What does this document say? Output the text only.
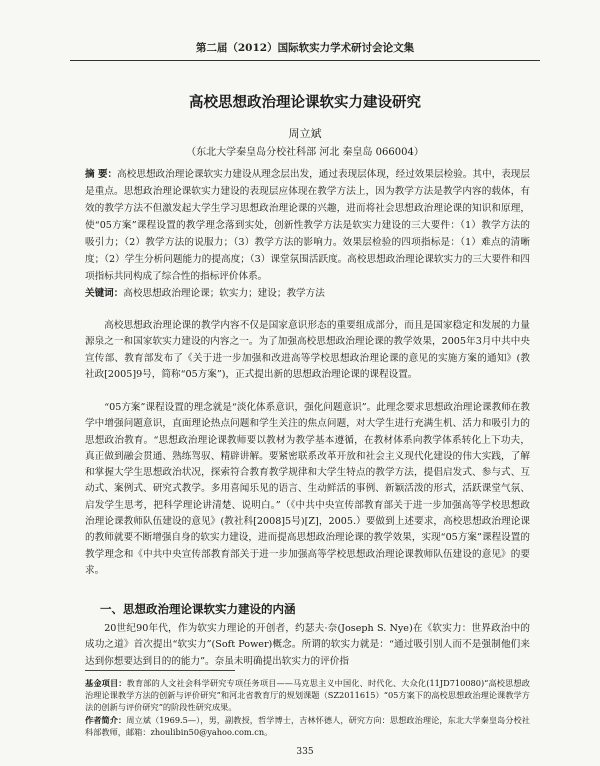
第二届（2012）国际软实力学术研讨会论文集
高校思想政治理论课软实力建设研究
周立斌
（东北大学秦皇岛分校社科部 河北 秦皇岛 066004）
摘 要：高校思想政治理论课软实力建设从理念层出发，通过表现层体现，经过效果层检验。其中，表现层是重点。思想政治理论课软实力建设的表现层应体现在教学方法上，因为教学方法是教学内容的载体，有效的教学方法不但激发起大学生学习思想政治理论课的兴趣，进而将社会思想政治理论课的知识和原理，使“05方案”课程设置的教学理念落到实处，创新性教学方法是软实力建设的三大要件：（1）教学方法的吸引力；（2）教学方法的说服力；（3）教学方法的影响力。效果层检验的四项指标是：（1）难点的清晰度；（2）学生分析问题能力的提高度；（3）课堂氛围活跃度。高校思想政治理论课软实力的三大要件和四项指标共同构成了综合性的指标评价体系。
关键词：高校思想政治理论课；软实力；建设；教学方法

高校思想政治理论课的教学内容不仅是国家意识形态的重要组成部分，而且是国家稳定和发展的力量源泉之一和国家软实力建设的内容之一。为了加强高校思想政治理论课的教学效果，2005年3月中共中央宣传部、教育部发布了《关于进一步加强和改进高等学校思想政治理论课的意见的实施方案的通知》(教社政[2005]9号，简称“05方案”)，正式提出新的思想政治理论课的课程设置。

“05方案”课程设置的理念就是“淡化体系意识，强化问题意识”。此理念要求思想政治理论课教师在教学中增强问题意识，直面理论热点问题和学生关注的焦点问题，对大学生进行充满生机、活力和吸引力的思想政治教育。“思想政治理论课教师要以教材为教学基本遵循，在教材体系向教学体系转化上下功夫，真正做到融会贯通、熟练驾驭、精辟讲解。要紧密联系改革开放和社会主义现代化建设的伟大实践，了解和掌握大学生思想政治状况，探索符合教育教学规律和大学生特点的教学方法，提倡启发式、参与式、互动式、案例式、研究式教学。多用喜闻乐见的语言、生动鲜活的事例、新颖活泼的形式，活跃课堂气氛、启发学生思考，把科学理论讲清楚、说明白。”（《中共中央宣传部教育部关于进一步加强高等学校思想政治理论课教师队伍建设的意见》(教社科[2008]5号)[Z]，2005.）要做到上述要求，高校思想政治理论课的教师就要不断增强自身的软实力建设，进而提高思想政治理论课的教学效果，实现“05方案”课程设置的教学理念和《中共中央宣传部教育部关于进一步加强高等学校思想政治理论课教师队伍建设的意见》的要求。

一、思想政治理论课软实力建设的内涵

20世纪90年代，作为软实力理论的开创者，约瑟夫·奈(Joseph S. Nye)在《软实力：世界政治中的成功之道》首次提出“软实力”(Soft Power)概念。所谓的软实力就是：“通过吸引别人而不是强制他们来达到你想要达到目的的能力”。奈虽未明确提出软实力的评价指

基金项目：教育部的人文社会科学研究专项任务项目——马克思主义中国化、时代化、大众化(11JD710080)“高校思想政治理论课教学方法的创新与评价研究”和河北省教育厅的规划课题（SZ2011615）“05方案下的高校思想政治理论课教学方法的创新与评价研究”的阶段性研究成果。

作者简介：周立斌（1969.5—），男，副教授，哲学博士，吉林怀德人，研究方向：思想政治理论，东北大学秦皇岛分校社科部教师，邮箱：zhoulibin50@yahoo.com.cn。

335
